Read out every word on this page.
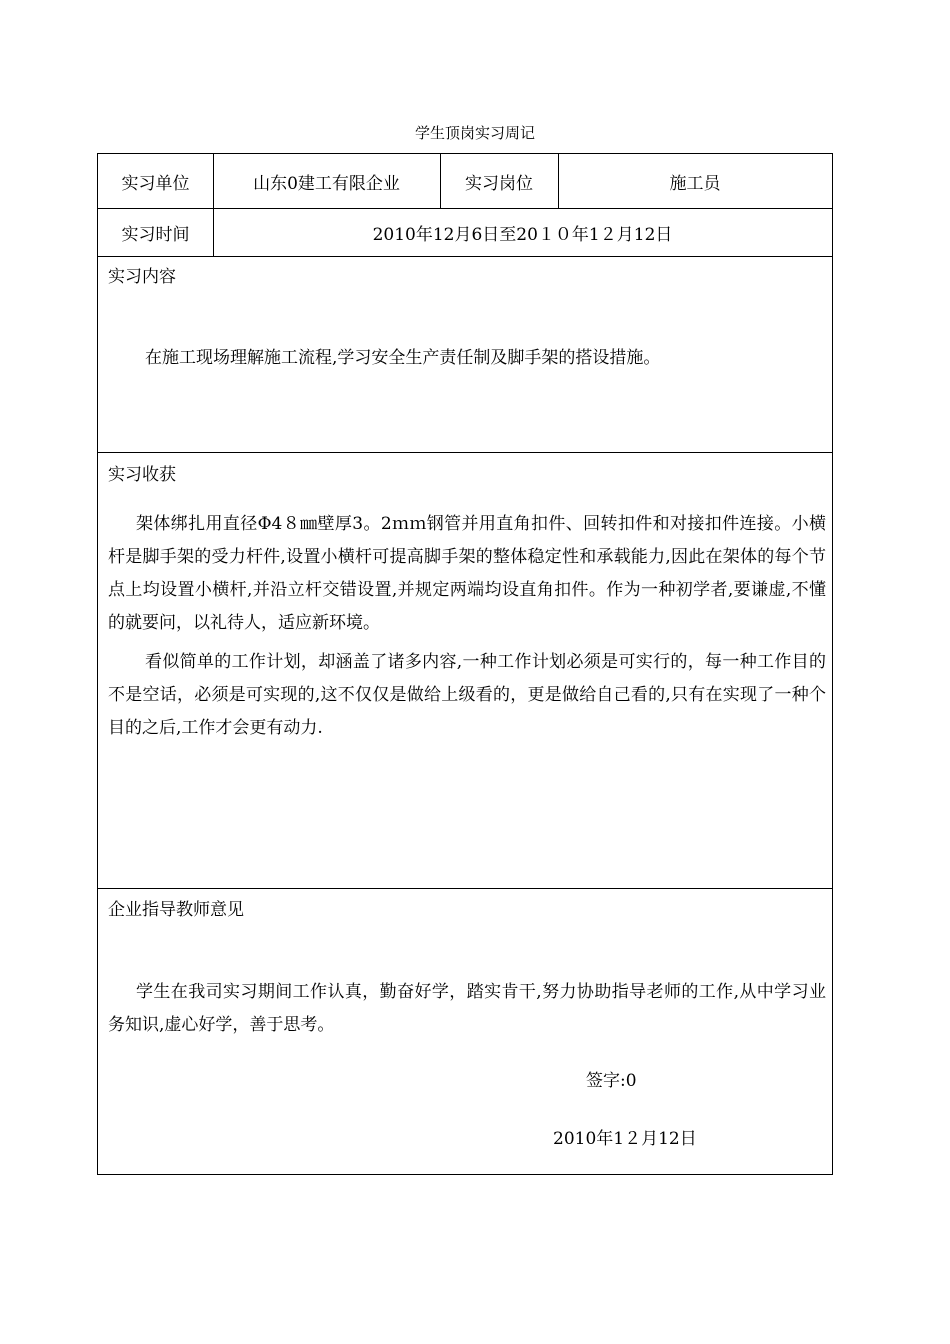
学生顶岗实习周记
实习单位	山东0建工有限企业	实习岗位	施工员
实习时间	2010年12月6日至20１０年1２月12日
实习内容

在施工现场理解施工流程,学习安全生产责任制及脚手架的搭设措施。

实习收获

架体绑扎用直径Φ4８㎜壁厚3。2ｍｍ钢管并用直角扣件、回转扣件和对接扣件连接。小横杆是脚手架的受力杆件,设置小横杆可提高脚手架的整体稳定性和承载能力,因此在架体的每个节点上均设置小横杆,并沿立杆交错设置,并规定两端均设直角扣件。作为一种初学者,要谦虚,不懂的就要问，以礼待人，适应新环境。

看似简单的工作计划，却涵盖了诸多内容,一种工作计划必须是可实行的，每一种工作目的不是空话，必须是可实现的,这不仅仅是做给上级看的，更是做给自己看的,只有在实现了一种个目的之后,工作才会更有动力.

企业指导教师意见

学生在我司实习期间工作认真，勤奋好学，踏实肯干,努力协助指导老师的工作,从中学习业务知识,虚心好学，善于思考。

签字:0
2010年1２月12日
